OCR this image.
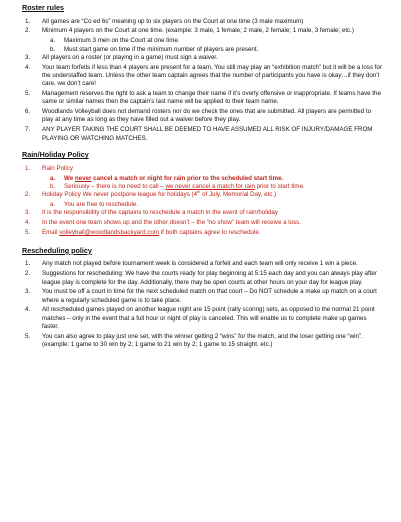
Roster rules
1. All games are “Co ed 6s” meaning up to six players on the Court at one time (3 male maximum)
2. Minimum 4 players on the Court at one time. (example: 3 male, 1 female; 2 male, 2 female; 1 male, 3 female; etc.)
a. Maximum 3 men on the Court at one time.
b. Must start game on time if the minimum number of players are present.
3. All players on a roster (or playing in a game) must sign a waiver.
4. Your team forfeits if less than 4 players are present for a team. You still may play an “exhibition match” but it will be a loss for the understaffed team. Unless the other team captain agrees that the number of participants you have is okay…if they don’t care, we don’t care!
5. Management reserves the right to ask a team to change their name if it’s overly offensive or inappropriate. If teams have the same or similar names then the captain’s last name will be applied to their team name.
6. Woodlands Volleyball does not demand rosters nor do we check the ones that are submitted. All players are permitted to play at any time as long as they have filled out a waiver before they play.
7. ANY PLAYER TAKING THE COURT SHALL BE DEEMED TO HAVE ASSUMED ALL RISK OF INJURY/DAMAGE FROM PLAYING OR WATCHING MATCHES.
Rain/Holiday Policy
1. Rain Policy
a. We never cancel a match or night for rain prior to the scheduled start time.
b. Seriously – there is no need to call – we never cancel a match for rain prior to start time.
2. Holiday Policy We never postpone league for holidays (4th of July, Memorial Day, etc.)
a. You are free to reschedule.
3. It is the responsibility of the captains to reschedule a match in the event of rain/holiday
4. In the event one team shows up and the other doesn’t – the “no show” team will receive a loss.
5. Email volleyball@woodlandsbackyard.com if both captains agree to reschedule.
Rescheduling policy
1. Any match not played before tournament week is considered a forfeit and each team will only receive 1 win a piece.
2. Suggestions for rescheduling: We have the courts ready for play beginning at 5:15 each day and you can always play after league play is complete for the day. Additionally, there may be open courts at other hours on your day for league play.
3. You must be off a court in time for the next scheduled match on that court – Do NOT schedule a make up match on a court where a regularly scheduled game is to take place.
4. All rescheduled games played on another league night are 15 point (rally scoring) sets, as opposed to the normal 21 point matches – only in the event that a full hour or night of play is canceled. This will enable us to complete make up games faster.
5. You can also agree to play just one set, with the winner getting 2 “wins” for the match, and the loser getting one “win”. (example: 1 game to 30 win by 2; 1 game to 21 win by 2; 1 game to 15 straight. etc.)
